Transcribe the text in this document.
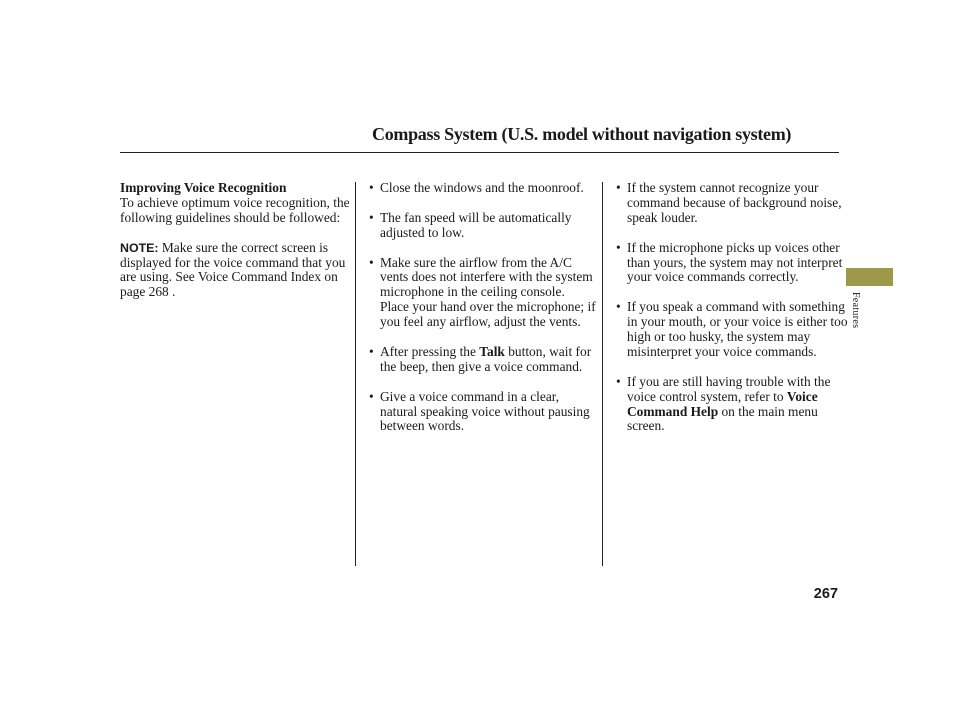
Compass System (U.S. model without navigation system)

Improving Voice Recognition

To achieve optimum voice recognition, the following guidelines should be followed:

NOTE: Make sure the correct screen is displayed for the voice command that you are using. See Voice Command Index on page 268 .

• Close the windows and the moonroof.

• The fan speed will be automatically adjusted to low.

• Make sure the airflow from the A/C vents does not interfere with the system microphone in the ceiling console. Place your hand over the microphone; if you feel any airflow, adjust the vents.

• After pressing the Talk button, wait for the beep, then give a voice command.

• Give a voice command in a clear, natural speaking voice without pausing between words.

• If the system cannot recognize your command because of background noise, speak louder.

• If the microphone picks up voices other than yours, the system may not interpret your voice commands correctly.

• If you speak a command with something in your mouth, or your voice is either too high or too husky, the system may misinterpret your voice commands.

• If you are still having trouble with the voice control system, refer to Voice Command Help on the main menu screen.

Features
267
